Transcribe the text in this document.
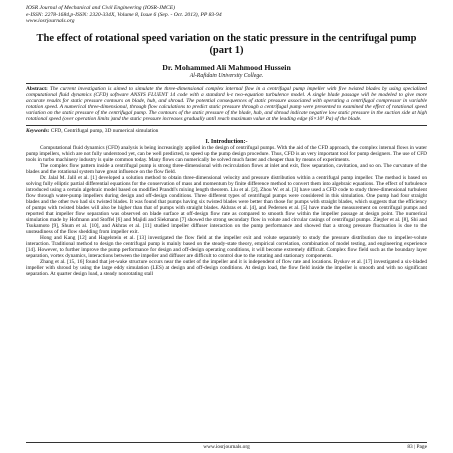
IOSR Journal of Mechanical and Civil Engineering (IOSR-JMCE)
e-ISSN: 2278-1684,p-ISSN: 2320-334X, Volume 8, Issue 6 (Sep. - Oct. 2013), PP 83-94
www.iosrjournals.org
The effect of rotational speed variation on the static pressure in the centrifugal pump (part 1)
Dr. Mohammed Ali Mahmood Hussein
Al-Rafidain University College.
Abstract: The current investigation is aimed to simulate the three-dimensional complex internal flow in a centrifugal pump impeller with five twisted blades by using specialized computational fluid dynamics (CFD) software ANSYS FLUENT 14 code with a standard k-ε two-equation turbulence model. A single blade passage will be modeled to give more accurate results for static pressure contours on blade, hub, and shroud. The potential consequences of static pressure associated with operating a centrifugal compressor in variable rotation speed. A numerical three-dimensional, through flow calculations to predict static pressure through a centrifugal pump were presented to examined the effect of rotational speed variation on the static pressure of the centrifugal pump. The contours of the static pressure of the blade, hub, and shroud indicate negative low static pressure in the suction side at high rotational speed (over operation limits )and the static pressure increases gradually until reach maximum value at the leading edge (6×10⁵ Pa) of the blade.
Keywords: CFD, Centrifugal pump, 3D numerical simulation
I. Introduction:-

Computational fluid dynamics (CFD) analysis is being increasingly applied in the design of centrifugal pumps. With the aid of the CFD approach, the complex internal flows in water pump impellers, which are not fully understood yet, can be well predicted, to speed up the pump design procedure. Thus, CFD is an very important tool for pump designers. The use of CFD tools in turbo machinery industry is quite common today. Many flows can numerically be solved much faster and cheaper than by means of experiments.

The complex flow pattern inside a centrifugal pump is strong three-dimensional with recirculation flows at inlet and exit, flow separation, cavitation, and so on. The curvature of the blades and the rotational system have great influence on the flow field.

Dr. Jalal M. Jalil et al. [1] developed a solution method to obtain three-dimensional velocity and pressure distribution within a centrifugal pump impeller. The method is based on solving fully elliptic partial differential equations for the conservation of mass and momentum by finite difference method to convert them into algebraic equations. The effect of turbulence introduced using a certain algebraic model based on modified Prandtl's mixing length theorem. Liu et al. [2], Zhou W. et al. [3] have used a CFD code to study three-dimensional turbulent flow through water-pump impellers during design and off-design conditions. Three different types of centrifugal pumps were considered in this simulation. One pump had four straight blades and the other two had six twisted blades. It was found that pumps having six twisted blades were better than those for pumps with straight blades, which suggests that the efficiency of pumps with twisted blades will also be higher than that of pumps with straight blades. Akhras et al. [4], and Pedersen et al. [5] have made the measurement on centrifugal pumps and reported that impeller flow separation was observed on blade surface at off-design flow rate as compared to smooth flow within the impeller passage at design point. The numerical simulation made by Hofmann and Stoffel [6] and Majidi and Siekmann [7] showed the strong secondary flow in volute and circular casings of centrifugal pumps. Ziegler et al. [8], Shi and Tsukamoto [9], Shum et al. [10], and Akhras et al. [11] studied impeller diffuser interaction on the pump performance and showed that a strong pressure fluctuation is due to the unsteadiness of the flow shedding from impeller exit.

Hong and Kang [12] and Hagelstein et al. [13] investigated the flow field at the impeller exit and volute separately to study the pressure distribution due to impeller-volute interaction. Traditional method to design the centrifugal pump is mainly based on the steady-state theory, empirical correlation, combination of model testing, and engineering experience [14]. However, to further improve the pump performance for design and off-design operating conditions, it will become extremely difficult. Complex flow field such as the boundary layer separation, vortex dynamics, interactions between the impeller and diffuser are difficult to control due to the rotating and stationary components.

Zhang et al. [15, 16] found that jet-wake structure occurs near the outlet of the impeller and it is independent of flow rate and locations. Byskov et al. [17] investigated a six-bladed impeller with shroud by using the large eddy simulation (LES) at design and off-design conditions. At design load, the flow field inside the impeller is smooth and with no significant separation. At quarter design load, a steady nonrotating stall

www.iosrjournals.org	83 | Page
